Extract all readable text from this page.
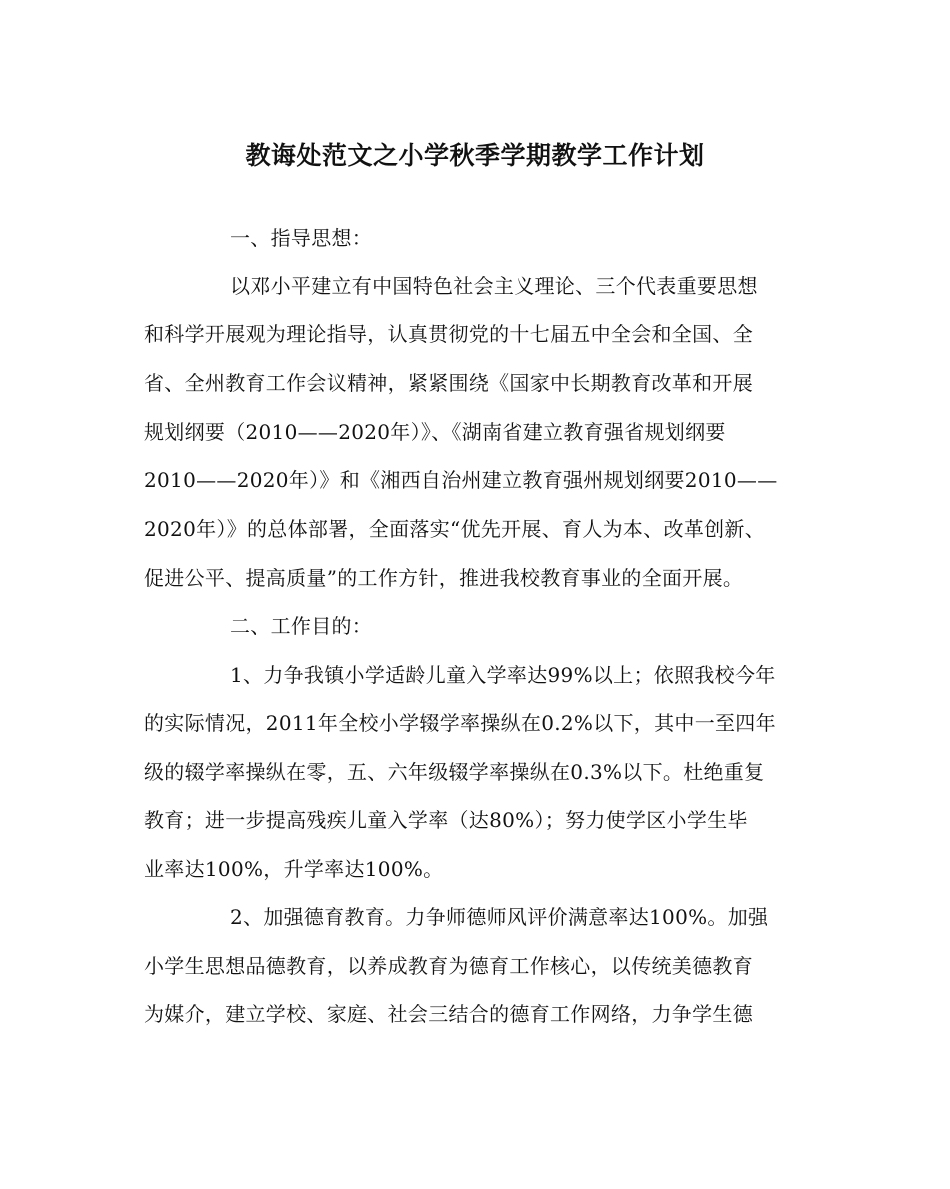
教诲处范文之小学秋季学期教学工作计划
一、指导思想：
以邓小平建立有中国特色社会主义理论、三个代表重要思想
和科学开展观为理论指导，认真贯彻党的十七届五中全会和全国、全
省、全州教育工作会议精神，紧紧围绕《国家中长期教育改革和开展
规划纲要（2010——2020年）》、《湖南省建立教育强省规划纲要
2010——2020年）》和《湘西自治州建立教育强州规划纲要2010——
2020年）》的总体部署，全面落实“优先开展、育人为本、改革创新、
促进公平、提高质量”的工作方针，推进我校教育事业的全面开展。
二、工作目的：
1、力争我镇小学适龄儿童入学率达99%以上；依照我校今年
的实际情况，2011年全校小学辍学率操纵在0.2%以下，其中一至四年
级的辍学率操纵在零，五、六年级辍学率操纵在0.3%以下。杜绝重复
教育；进一步提高残疾儿童入学率（达80%）；努力使学区小学生毕
业率达100%，升学率达100%。
2、加强德育教育。力争师德师风评价满意率达100%。加强
小学生思想品德教育，以养成教育为德育工作核心，以传统美德教育
为媒介，建立学校、家庭、社会三结合的德育工作网络，力争学生德
